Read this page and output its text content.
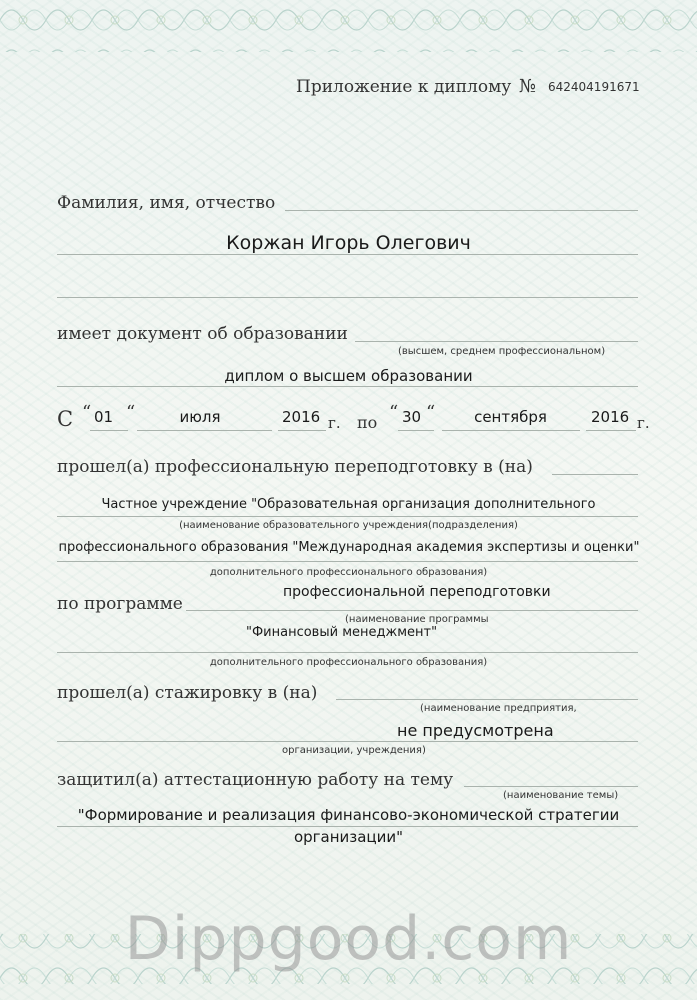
Приложение к диплому № 642404191671
Фамилия, имя, отчество
Коржан Игорь Олегович
имеет документ об образовании
(высшем, среднем профессиональном)
диплом о высшем образовании
С “ 01 “	июля	2016 г. по “ 30 “	сентября	2016 г.
прошел(а) профессиональную переподготовку в (на)
Частное учреждение "Образовательная организация дополнительного
(наименование образовательного учреждения(подразделения)
профессионального образования "Международная академия экспертизы и оценки"
дополнительного профессионального образования)
по программе
профессиональной переподготовки
(наименование программы
"Финансовый менеджмент"
дополнительного профессионального образования)
прошел(а) стажировку в (на)
(наименование предприятия,
не предусмотрена
организации, учреждения)
защитил(а) аттестационную работу на тему
(наименование темы)
"Формирование и реализация финансово-экономической стратегии
организации"
Dippgood.com
